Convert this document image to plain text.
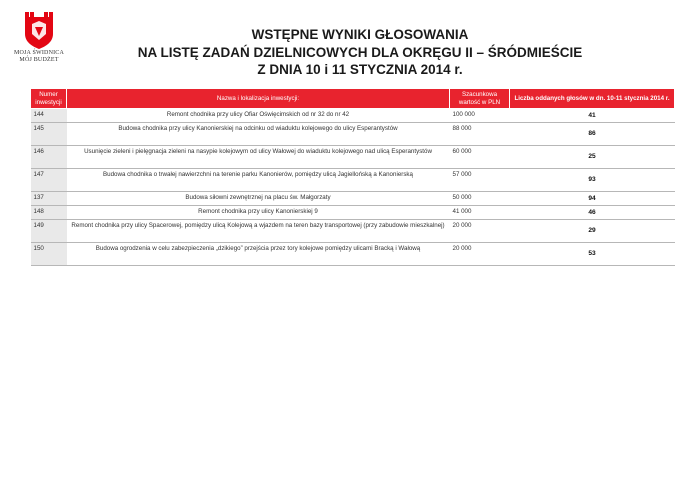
MOJA ŚWIDNICA
MÓJ BUDŻET
WSTĘPNE WYNIKI GŁOSOWANIA
NA LISTĘ ZADAŃ DZIELNICOWYCH DLA OKRĘGU II – ŚRÓDMIEŚCIE
Z DNIA 10 i 11 STYCZNIA 2014 r.
Numer inwestycji	Nazwa i lokalizacja inwestycji:	Szacunkowa wartość w PLN	Liczba oddanych głosów w dn. 10-11 stycznia 2014 r.
144	Remont chodnika przy ulicy Ofiar Oświęcimskich od nr 32 do nr 42	100 000	41
145	Budowa chodnika przy ulicy Kanonierskiej na odcinku od wiaduktu kolejowego do ulicy Esperantystów	88 000	86
146	Usunięcie zieleni i pielęgnacja zieleni na nasypie kolejowym od ulicy Wałowej do wiaduktu kolejowego nad ulicą Esperantystów	60 000	25
147	Budowa chodnika o trwałej nawierzchni na terenie parku Kanonierów, pomiędzy ulicą Jagiellońską a Kanonierską	57 000	93
137	Budowa siłowni zewnętrznej na placu św. Małgorzaty	50 000	94
148	Remont chodnika przy ulicy Kanonierskiej 9	41 000	46
149	Remont chodnika przy ulicy Spacerowej, pomiędzy ulicą Kolejową a wjazdem na teren bazy transportowej (przy zabudowie mieszkalnej)	20 000	29
150	Budowa ogrodzenia w celu zabezpieczenia „dzikiego” przejścia przez tory kolejowe pomiędzy ulicami Bracką i Wałową	20 000	53
